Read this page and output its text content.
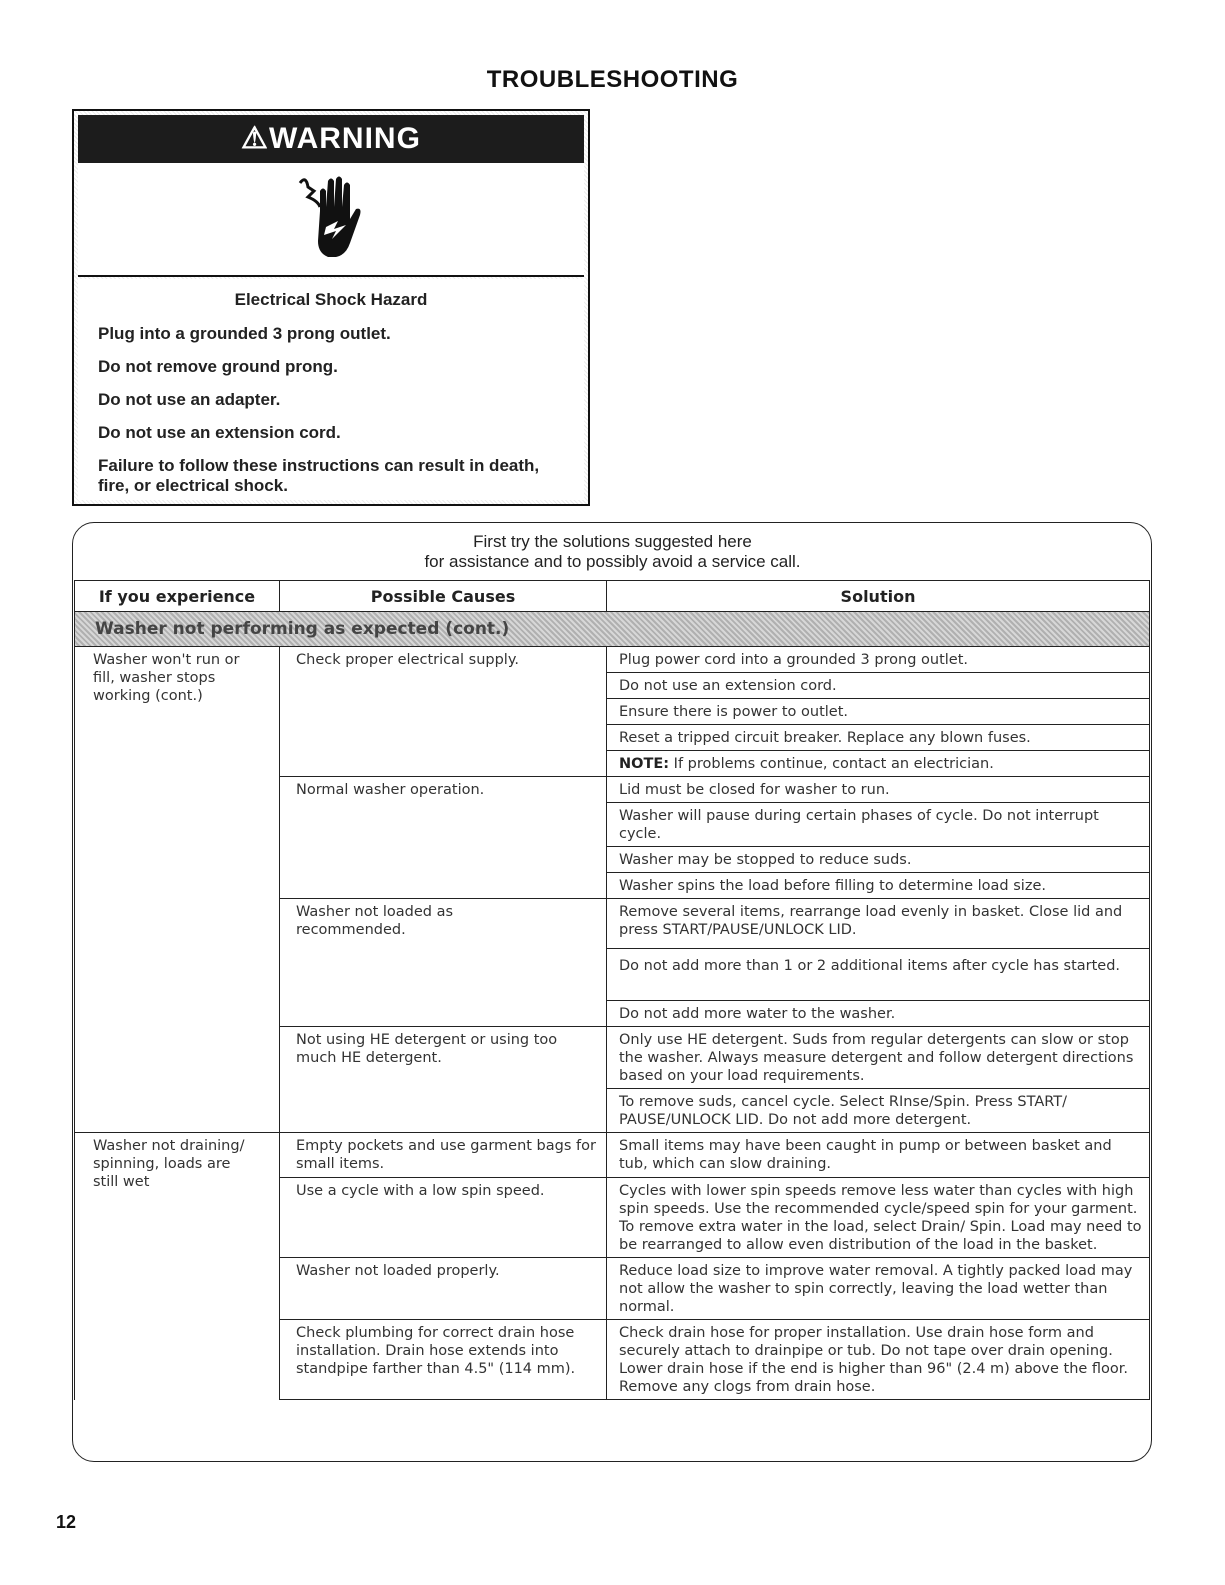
TROUBLESHOOTING
⚠WARNING
Electrical Shock Hazard

Plug into a grounded 3 prong outlet.

Do not remove ground prong.

Do not use an adapter.

Do not use an extension cord.

Failure to follow these instructions can result in death, fire, or electrical shock.

First try the solutions suggested here
for assistance and to possibly avoid a service call.
If you experience	Possible Causes	Solution
Washer not performing as expected (cont.)		
Washer won't run or fill, washer stops working (cont.)	Check proper electrical supply.	Plug power cord into a grounded 3 prong outlet.
		Do not use an extension cord.
		Ensure there is power to outlet.
		Reset a tripped circuit breaker. Replace any blown fuses.
		NOTE: If problems continue, contact an electrician.
	Normal washer operation.	Lid must be closed for washer to run.
		Washer will pause during certain phases of cycle. Do not interrupt cycle.
		Washer may be stopped to reduce suds.
		Washer spins the load before filling to determine load size.
	Washer not loaded as recommended.	Remove several items, rearrange load evenly in basket. Close lid and press START/PAUSE/UNLOCK LID.
		Do not add more than 1 or 2 additional items after cycle has started.
		Do not add more water to the washer.
	Not using HE detergent or using too much HE detergent.	Only use HE detergent. Suds from regular detergents can slow or stop the washer. Always measure detergent and follow detergent directions based on your load requirements.
		To remove suds, cancel cycle. Select RInse/Spin. Press START/ PAUSE/UNLOCK LID. Do not add more detergent.
Washer not draining/ spinning, loads are still wet	Empty pockets and use garment bags for small items.	Small items may have been caught in pump or between basket and tub, which can slow draining.
	Use a cycle with a low spin speed.	Cycles with lower spin speeds remove less water than cycles with high spin speeds. Use the recommended cycle/speed spin for your garment. To remove extra water in the load, select Drain/ Spin. Load may need to be rearranged to allow even distribution of the load in the basket.
	Washer not loaded properly.	Reduce load size to improve water removal. A tightly packed load may not allow the washer to spin correctly, leaving the load wetter than normal.
	Check plumbing for correct drain hose installation. Drain hose extends into standpipe farther than 4.5" (114 mm).	Check drain hose for proper installation. Use drain hose form and securely attach to drainpipe or tub. Do not tape over drain opening. Lower drain hose if the end is higher than 96" (2.4 m) above the floor. Remove any clogs from drain hose.
12
